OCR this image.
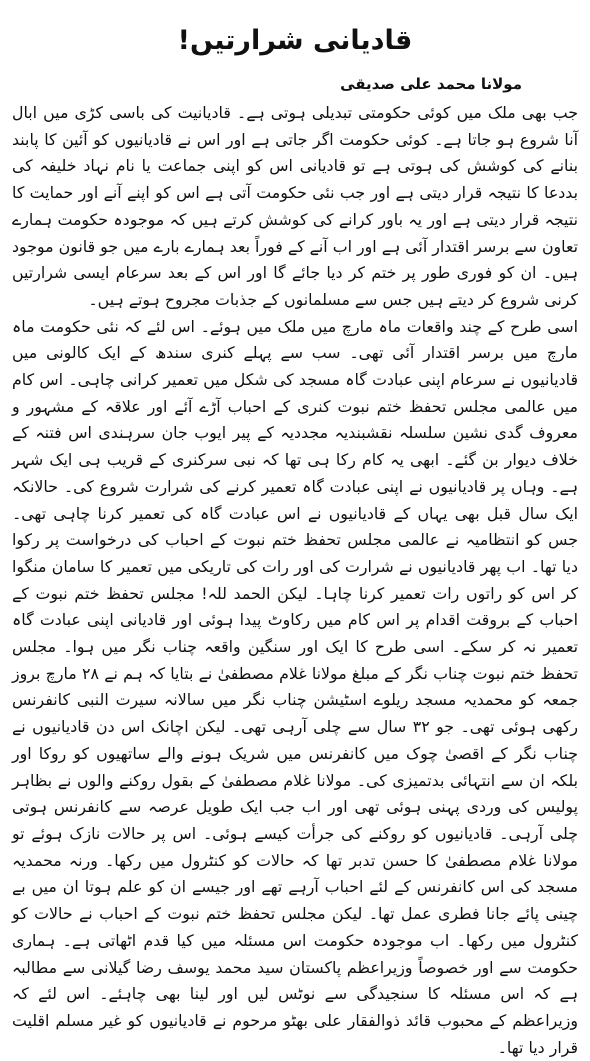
قادیانی شرارتیں!
مولانا محمد علی صدیقی

جب بھی ملک میں کوئی حکومتی تبدیلی ہوتی ہے۔ قادیانیت کی باسی کڑی میں ابال آنا شروع ہو جاتا ہے۔ کوئی حکومت اگر جاتی ہے اور اس نے قادیانیوں کو آئین کا پابند بنانے کی کوشش کی ہوتی ہے تو قادیانی اس کو اپنی جماعت یا نام نہاد خلیفہ کی بددعا کا نتیجہ قرار دیتی ہے اور جب نئی حکومت آتی ہے اس کو اپنے آنے اور حمایت کا نتیجہ قرار دیتی ہے اور یہ باور کرانے کی کوشش کرتے ہیں کہ موجودہ حکومت ہمارے تعاون سے برسر اقتدار آئی ہے اور اب آنے کے فوراً بعد ہمارے بارے میں جو قانون موجود ہیں۔ ان کو فوری طور پر ختم کر دیا جائے گا اور اس کے بعد سرعام ایسی شرارتیں کرنی شروع کر دیتے ہیں جس سے مسلمانوں کے جذبات مجروح ہوتے ہیں۔

اسی طرح کے چند واقعات ماہ مارچ میں ملک میں ہوئے۔ اس لئے کہ نئی حکومت ماہ مارچ میں برسر اقتدار آئی تھی۔ سب سے پہلے کنری سندھ کے ایک کالونی میں قادیانیوں نے سرعام اپنی عبادت گاہ مسجد کی شکل میں تعمیر کرانی چاہی۔ اس کام میں عالمی مجلس تحفظ ختم نبوت کنری کے احباب آڑے آئے اور علاقہ کے مشہور و معروف گدی نشین سلسلہ نقشبندیہ مجددیہ کے پیر ایوب جان سرہندی اس فتنہ کے خلاف دیوار بن گئے۔ ابھی یہ کام رکا ہی تھا کہ نبی سرکنری کے قریب ہی ایک شہر ہے۔ وہاں پر قادیانیوں نے اپنی عبادت گاہ تعمیر کرنے کی شرارت شروع کی۔ حالانکہ ایک سال قبل بھی یہاں کے قادیانیوں نے اس عبادت گاہ کی تعمیر کرنا چاہی تھی۔ جس کو انتظامیہ نے عالمی مجلس تحفظ ختم نبوت کے احباب کی درخواست پر رکوا دیا تھا۔ اب پھر قادیانیوں نے شرارت کی اور رات کی تاریکی میں تعمیر کا سامان منگوا کر اس کو راتوں رات تعمیر کرنا چاہا۔ لیکن الحمد للہ! مجلس تحفظ ختم نبوت کے احباب کے بروقت اقدام پر اس کام میں رکاوٹ پیدا ہوئی اور قادیانی اپنی عبادت گاہ تعمیر نہ کر سکے۔ اسی طرح کا ایک اور سنگین واقعہ چناب نگر میں ہوا۔ مجلس تحفظ ختم نبوت چناب نگر کے مبلغ مولانا غلام مصطفیٰ نے بتایا کہ ہم نے ۲۸ مارچ بروز جمعہ کو محمدیہ مسجد ریلوے اسٹیشن چناب نگر میں سالانہ سیرت النبی کانفرنس رکھی ہوئی تھی۔ جو ۳۲ سال سے چلی آرہی تھی۔ لیکن اچانک اس دن قادیانیوں نے چناب نگر کے اقصیٰ چوک میں کانفرنس میں شریک ہونے والے ساتھیوں کو روکا اور بلکہ ان سے انتہائی بدتمیزی کی۔ مولانا غلام مصطفیٰ کے بقول روکنے والوں نے بظاہر پولیس کی وردی پہنی ہوئی تھی اور اب جب ایک طویل عرصہ سے کانفرنس ہوتی چلی آرہی۔ قادیانیوں کو روکنے کی جرأت کیسے ہوئی۔ اس پر حالات نازک ہوئے تو مولانا غلام مصطفیٰ کا حسن تدبر تھا کہ حالات کو کنٹرول میں رکھا۔ ورنہ محمدیہ مسجد کی اس کانفرنس کے لئے احباب آرہے تھے اور جیسے ان کو علم ہوتا ان میں بے چینی پائے جانا فطری عمل تھا۔ لیکن مجلس تحفظ ختم نبوت کے احباب نے حالات کو کنٹرول میں رکھا۔ اب موجودہ حکومت اس مسئلہ میں کیا قدم اٹھاتی ہے۔ ہماری حکومت سے اور خصوصاً وزیراعظم پاکستان سید محمد یوسف رضا گیلانی سے مطالبہ ہے کہ اس مسئلہ کا سنجیدگی سے نوٹس لیں اور لینا بھی چاہئے۔ اس لئے کہ وزیراعظم کے محبوب قائد ذوالفقار علی بھٹو مرحوم نے قادیانیوں کو غیر مسلم اقلیت قرار دیا تھا۔
